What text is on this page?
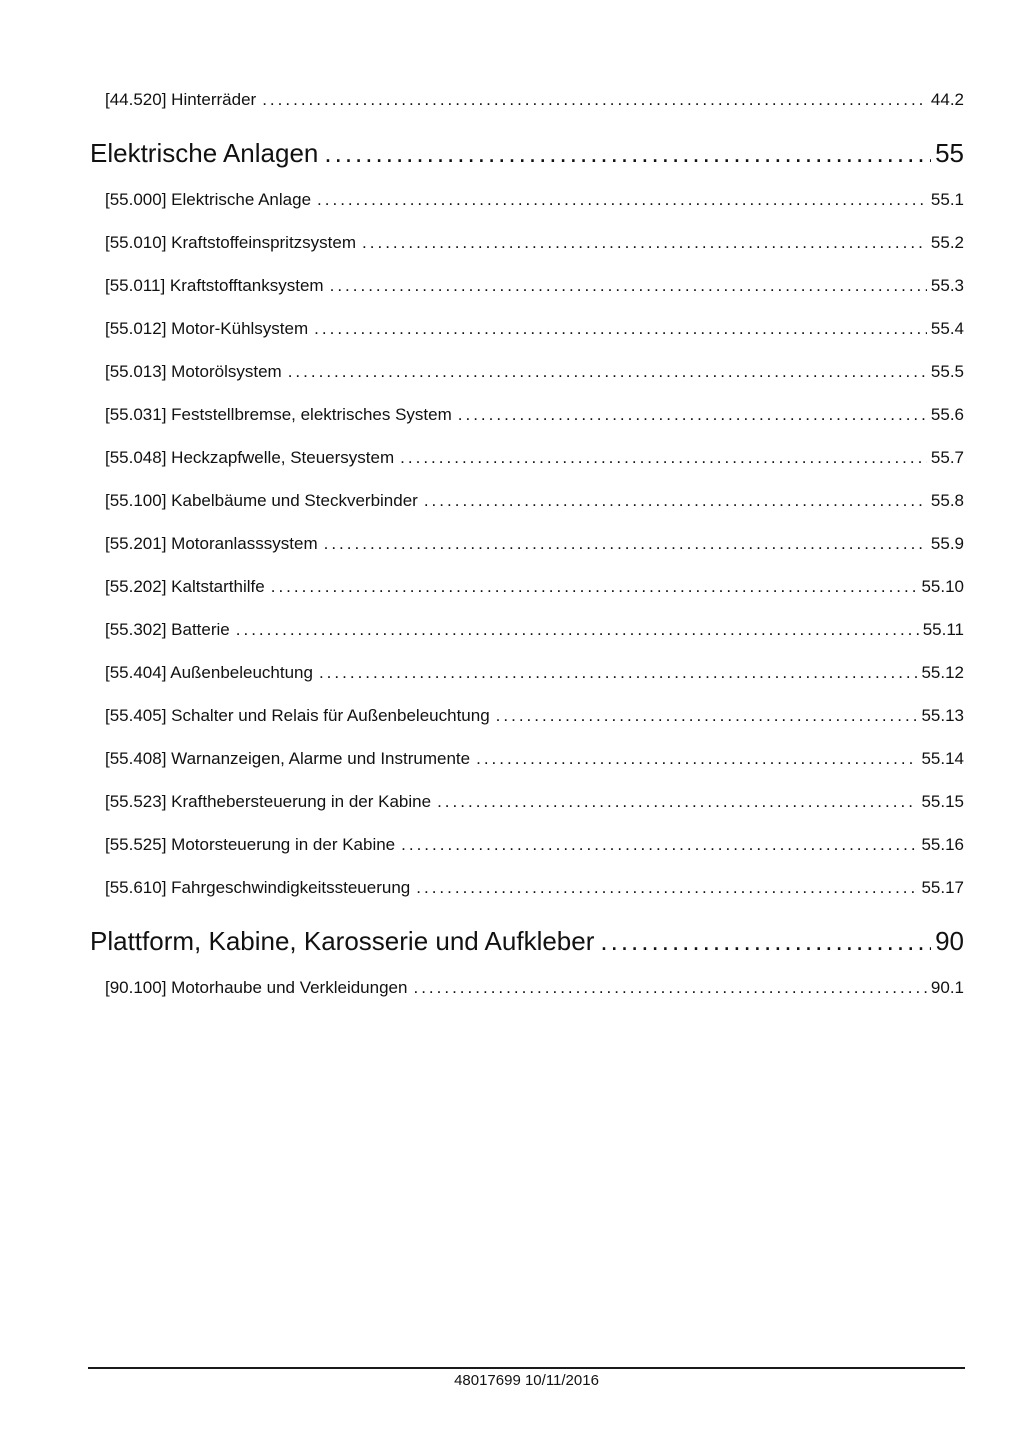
[44.520] Hinterräder .....	44.2
Elektrische Anlagen .....	55
[55.000] Elektrische Anlage .....	55.1
[55.010] Kraftstoffeinspritzsystem .....	55.2
[55.011] Kraftstofftanksystem .....	55.3
[55.012] Motor-Kühlsystem .....	55.4
[55.013] Motorölsystem .....	55.5
[55.031] Feststellbremse, elektrisches System .....	55.6
[55.048] Heckzapfwelle, Steuersystem .....	55.7
[55.100] Kabelbäume und Steckverbinder .....	55.8
[55.201] Motoranlasssystem .....	55.9
[55.202] Kaltstarthilfe .....	55.10
[55.302] Batterie .....	55.11
[55.404] Außenbeleuchtung .....	55.12
[55.405] Schalter und Relais für Außenbeleuchtung .....	55.13
[55.408] Warnanzeigen, Alarme und Instrumente .....	55.14
[55.523] Krafthebersteuerung in der Kabine .....	55.15
[55.525] Motorsteuerung in der Kabine .....	55.16
[55.610] Fahrgeschwindigkeitssteuerung .....	55.17
Plattform, Kabine, Karosserie und Aufkleber .....	90
[90.100] Motorhaube und Verkleidungen .....	90.1
48017699 10/11/2016
